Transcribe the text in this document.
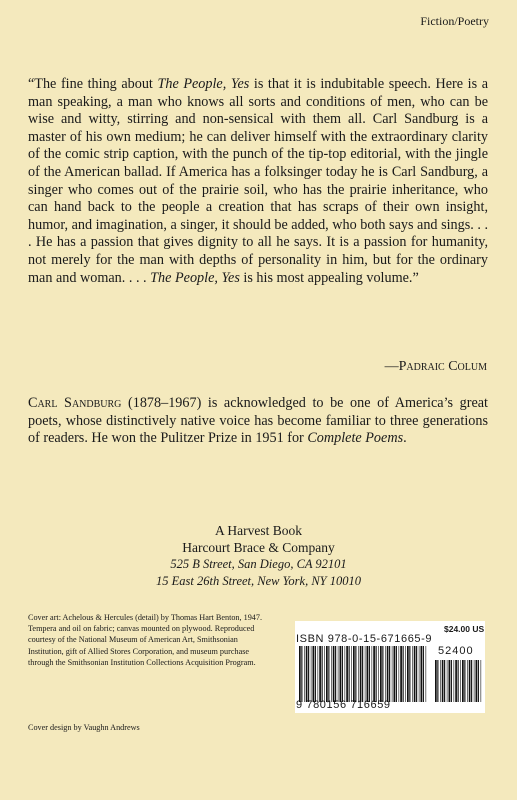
Fiction/Poetry

“The fine thing about The People, Yes is that it is indubitable speech. Here is a man speaking, a man who knows all sorts and conditions of men, who can be wise and witty, stirring and non-sensical with them all. Carl Sandburg is a master of his own medium; he can deliver himself with the extraordinary clarity of the comic strip caption, with the punch of the tip-top editorial, with the jingle of the American ballad. If America has a folksinger today he is Carl Sandburg, a singer who comes out of the prairie soil, who has the prairie inheritance, who can hand back to the people a creation that has scraps of their own insight, humor, and imagination, a singer, it should be added, who both says and sings. . . . He has a passion that gives dignity to all he says. It is a passion for humanity, not merely for the man with depths of personality in him, but for the ordinary man and woman. . . . The People, Yes is his most appealing volume.”

—Padraic Colum

Carl Sandburg (1878–1967) is acknowledged to be one of America’s great poets, whose distinctively native voice has become familiar to three generations of readers. He won the Pulitzer Prize in 1951 for Complete Poems.

A Harvest Book
Harcourt Brace & Company
525 B Street, San Diego, CA 92101
15 East 26th Street, New York, NY 10010

Cover art: Achelous & Hercules (detail) by Thomas Hart Benton, 1947. Tempera and oil on fabric; canvas mounted on plywood. Reproduced courtesy of the National Museum of American Art, Smithsonian Institution, gift of Allied Stores Corporation, and museum purchase through the Smithsonian Institution Collections Acquisition Program.

Cover design by Vaughn Andrews
$24.00 US
ISBN 978-0-15-671665-9
52400
9 780156 716659
